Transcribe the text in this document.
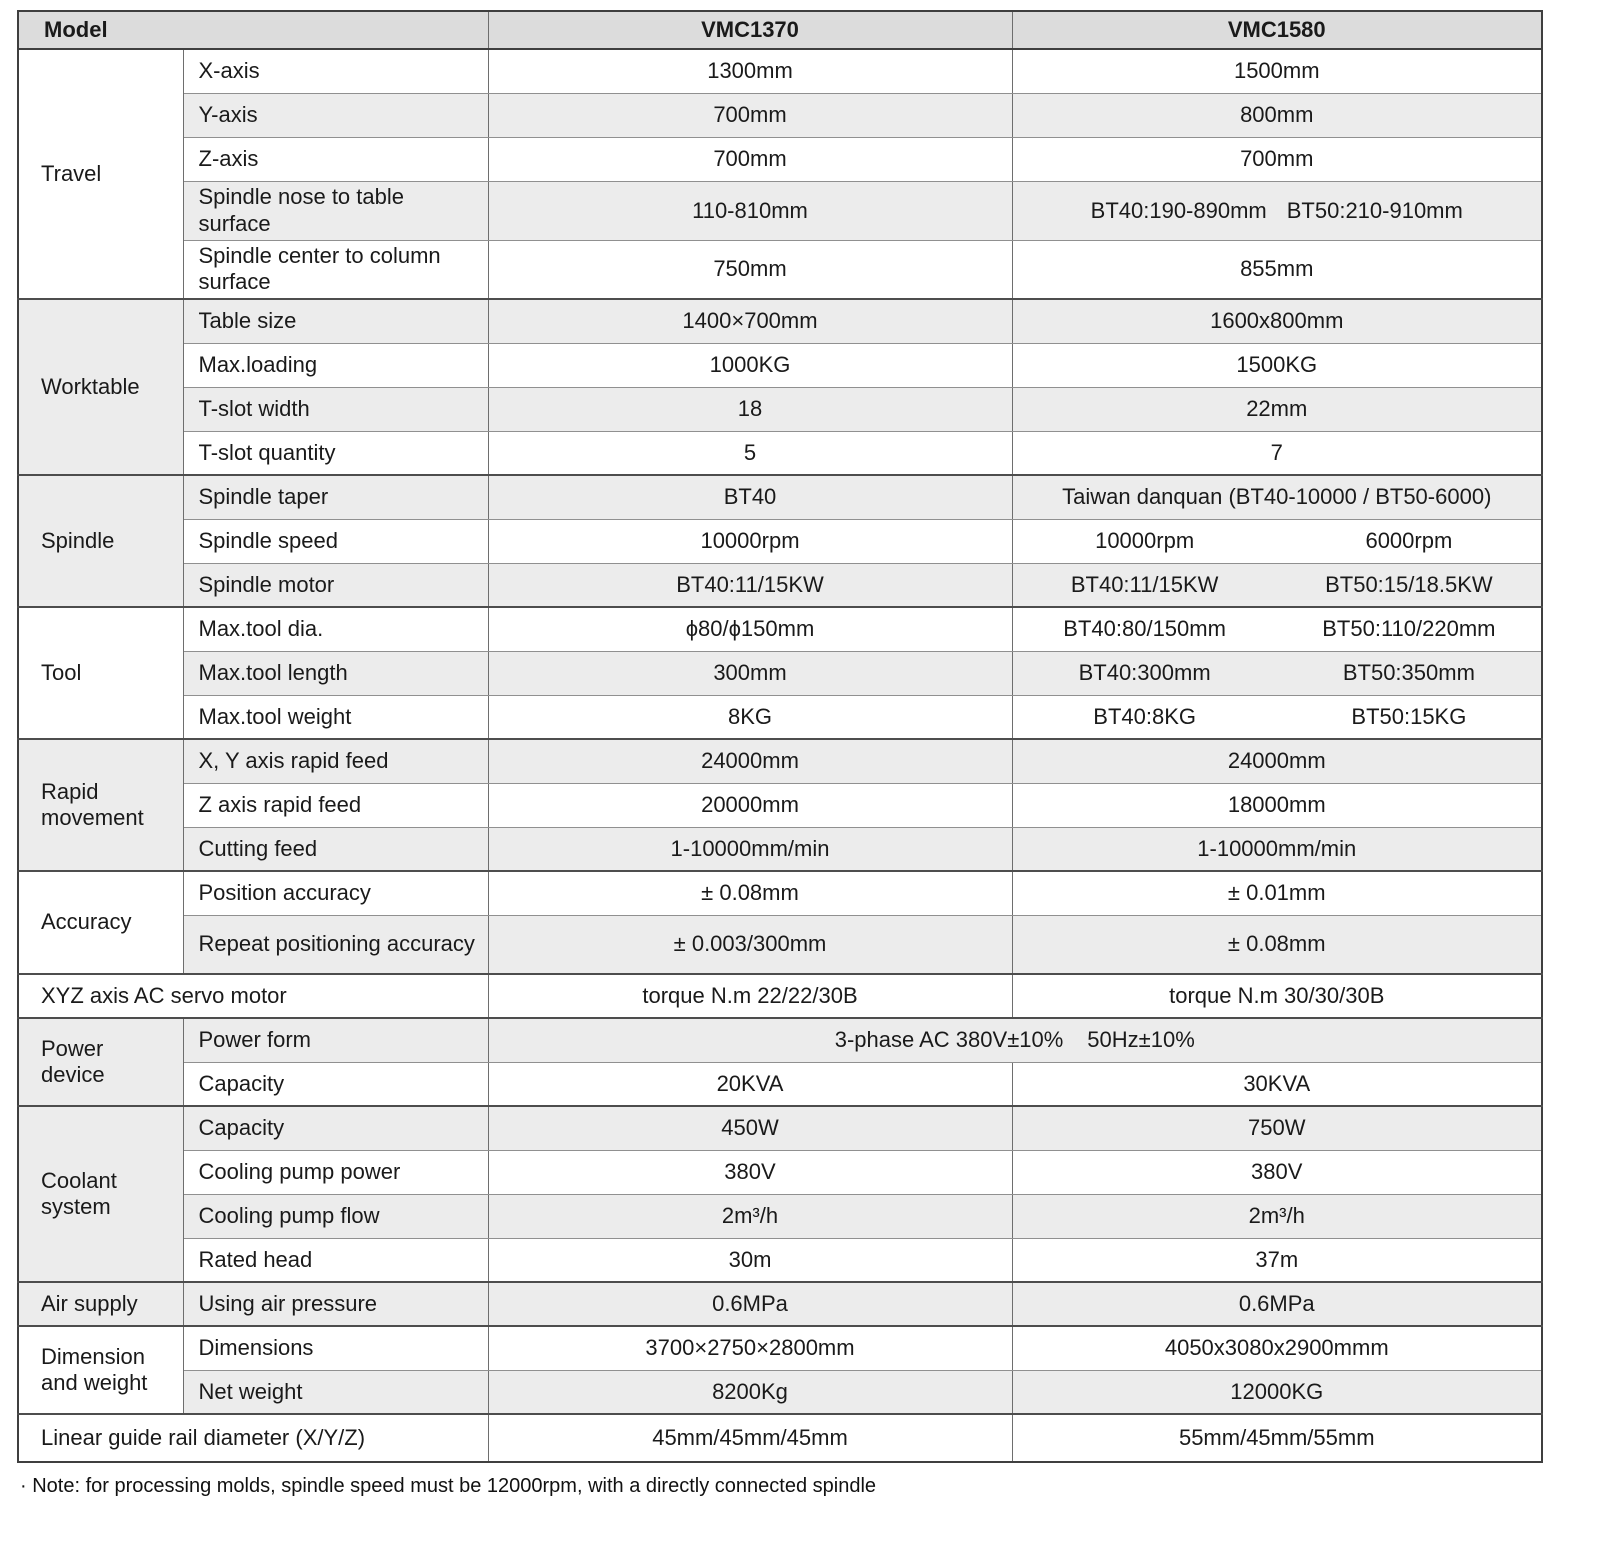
Model		VMC1370	VMC1580
Travel	X-axis	1300mm	1500mm
	Y-axis	700mm	800mm
	Z-axis	700mm	700mm
	Spindle nose to table surface	110-810mm	BT40:190-890mm BT50:210-910mm

	Spindle center to column surface	750mm	855mm
Worktable	Table size	1400×700mm	1600x800mm
	Max.loading	1000KG	1500KG
	T-slot width	18	22mm
	T-slot quantity	5	7
Spindle	Spindle taper	BT40	Taiwan danquan (BT40-10000 / BT50-6000)
	Spindle speed	10000rpm	10000rpm 6000rpm

	Spindle motor	BT40:11/15KW	BT40:11/15KW BT50:15/18.5KW

Tool	Max.tool dia.	ϕ80/ϕ150mm	BT40:80/150mm BT50:110/220mm

	Max.tool length	300mm	BT40:300mm BT50:350mm

	Max.tool weight	8KG	BT40:8KG BT50:15KG

Rapid movement	X, Y axis rapid feed	24000mm	24000mm
	Z axis rapid feed	20000mm	18000mm
	Cutting feed	1-10000mm/min	1-10000mm/min
Accuracy	Position accuracy	± 0.08mm	± 0.01mm
	Repeat positioning accuracy	± 0.003/300mm	± 0.08mm
XYZ axis AC servo motor		torque N.m 22/22/30B	torque N.m 30/30/30B
Power device	Power form	3-phase AC 380V±10% 50Hz±10%	

	Capacity	20KVA	30KVA
Coolant system	Capacity	450W	750W
	Cooling pump power	380V	380V
	Cooling pump flow	2m³/h	2m³/h
	Rated head	30m	37m
Air supply	Using air pressure	0.6MPa	0.6MPa
Dimension and weight	Dimensions	3700×2750×2800mm	4050x3080x2900mmm
	Net weight	8200Kg	12000KG
Linear guide rail diameter (X/Y/Z)		45mm/45mm/45mm	55mm/45mm/55mm
· Note: for processing molds, spindle speed must be 12000rpm, with a directly connected spindle
